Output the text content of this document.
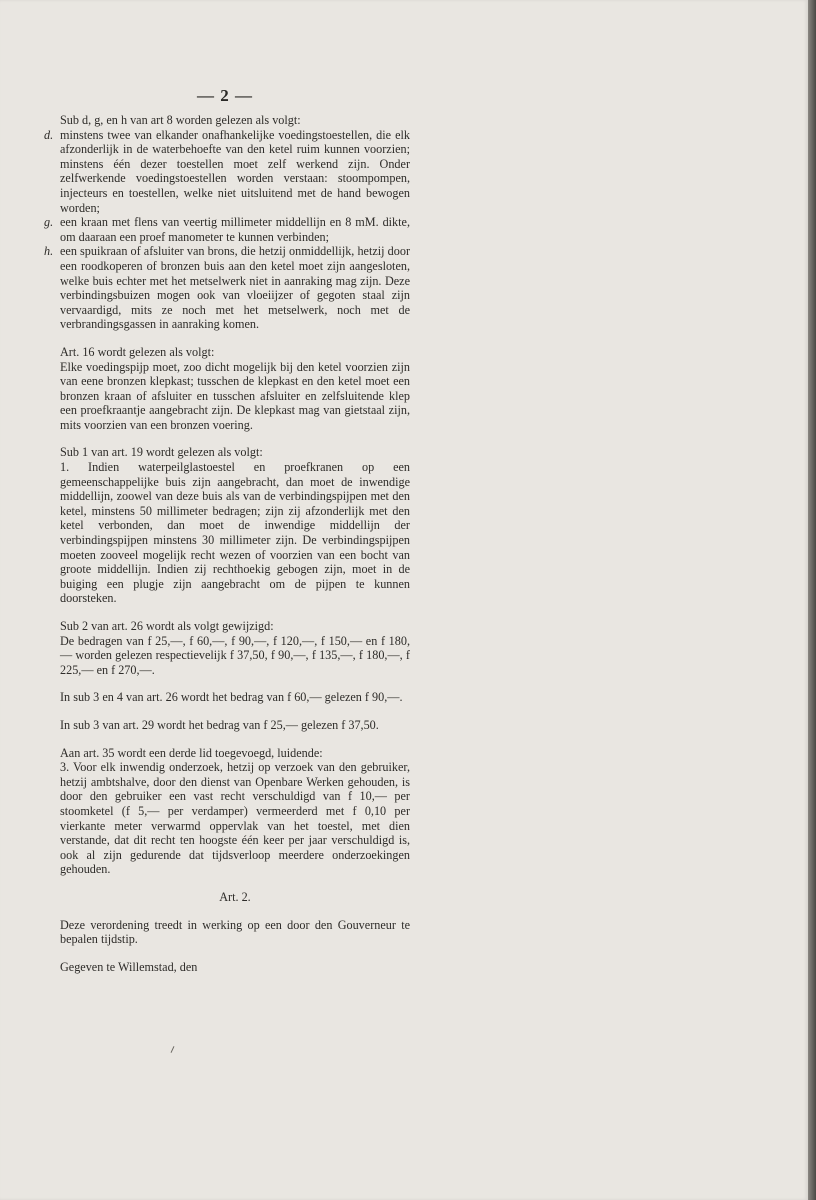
— 2 —

Sub d, g, en h van art 8 worden gelezen als volgt:

d. minstens twee van elkander onafhankelijke voedingstoestellen, die elk afzonderlijk in de waterbehoefte van den ketel ruim kunnen voorzien; minstens één dezer toestellen moet zelf werkend zijn. Onder zelfwerkende voedingstoestellen worden verstaan: stoompompen, injecteurs en toestellen, welke niet uitsluitend met de hand bewogen worden;

g. een kraan met flens van veertig millimeter middellijn en 8 mM. dikte, om daaraan een proef manometer te kunnen verbinden;

h. een spuikraan of afsluiter van brons, die hetzij onmiddellijk, hetzij door een roodkoperen of bronzen buis aan den ketel moet zijn aangesloten, welke buis echter met het metselwerk niet in aanraking mag zijn. Deze verbindingsbuizen mogen ook van vloeiijzer of gegoten staal zijn vervaardigd, mits ze noch met het metselwerk, noch met de verbrandingsgassen in aanraking komen.

Art. 16 wordt gelezen als volgt:

Elke voedingspijp moet, zoo dicht mogelijk bij den ketel voorzien zijn van eene bronzen klepkast; tusschen de klepkast en den ketel moet een bronzen kraan of afsluiter en tusschen afsluiter en zelfsluitende klep een proefkraantje aangebracht zijn. De klepkast mag van gietstaal zijn, mits voorzien van een bronzen voering.

Sub 1 van art. 19 wordt gelezen als volgt:

1. Indien waterpeilglastoestel en proefkranen op een gemeenschappelijke buis zijn aangebracht, dan moet de inwendige middellijn, zoowel van deze buis als van de verbindingspijpen met den ketel, minstens 50 millimeter bedragen; zijn zij afzonderlijk met den ketel verbonden, dan moet de inwendige middellijn der verbindingspijpen minstens 30 millimeter zijn. De verbindingspijpen moeten zooveel mogelijk recht wezen of voorzien van een bocht van groote middellijn. Indien zij rechthoekig gebogen zijn, moet in de buiging een plugje zijn aangebracht om de pijpen te kunnen doorsteken.

Sub 2 van art. 26 wordt als volgt gewijzigd:

De bedragen van f 25,—, f 60,—, f 90,—, f 120,—, f 150,— en f 180,— worden gelezen respectievelijk f 37,50, f 90,—, f 135,—, f 180,—, f 225,— en f 270,—.

In sub 3 en 4 van art. 26 wordt het bedrag van f 60,— gelezen f 90,—.

In sub 3 van art. 29 wordt het bedrag van f 25,— gelezen f 37,50.

Aan art. 35 wordt een derde lid toegevoegd, luidende:

3. Voor elk inwendig onderzoek, hetzij op verzoek van den gebruiker, hetzij ambtshalve, door den dienst van Openbare Werken gehouden, is door den gebruiker een vast recht verschuldigd van f 10,— per stoomketel (f 5,— per verdamper) vermeerderd met f 0,10 per vierkante meter verwarmd oppervlak van het toestel, met dien verstande, dat dit recht ten hoogste één keer per jaar verschuldigd is, ook al zijn gedurende dat tijdsverloop meerdere onderzoekingen gehouden.

Art. 2.

Deze verordening treedt in werking op een door den Gouverneur te bepalen tijdstip.

Gegeven te Willemstad, den
